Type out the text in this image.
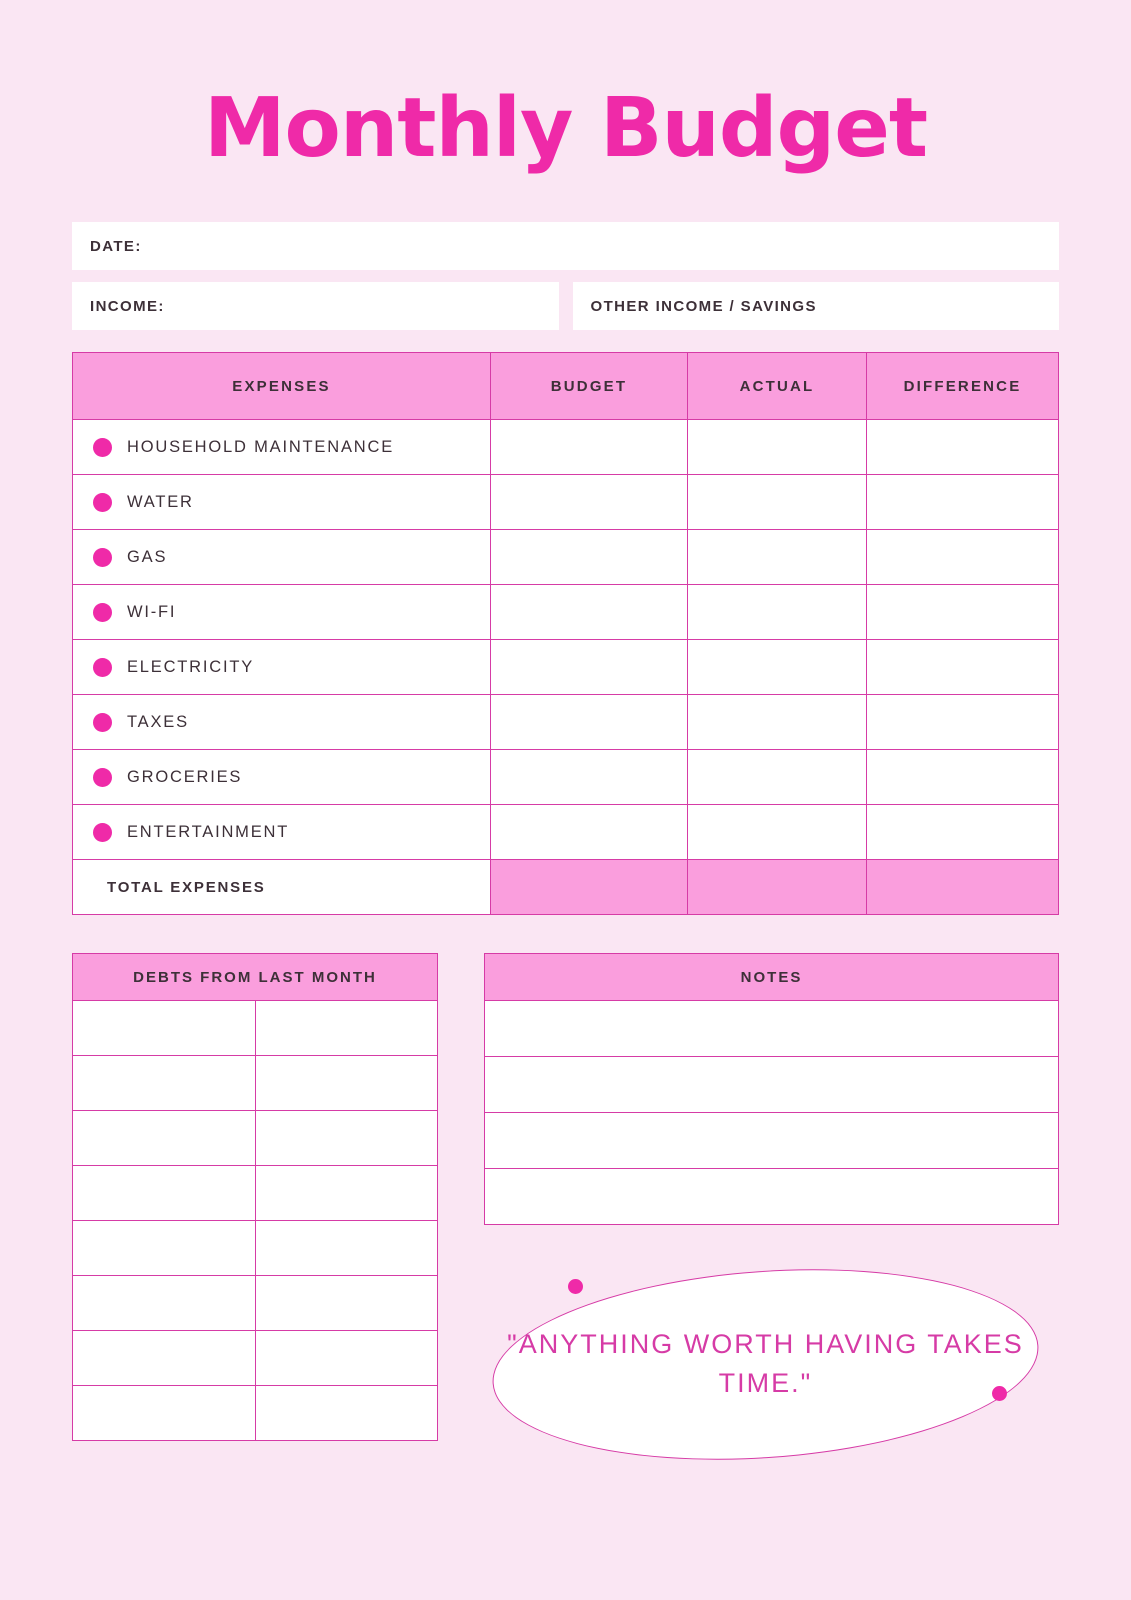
Monthly Budget
DATE:
INCOME:	OTHER INCOME / SAVINGS
EXPENSES	BUDGET	ACTUAL	DIFFERENCE

HOUSEHOLD MAINTENANCE			

WATER			

GAS			

WI-FI			

ELECTRICITY			

TAXES			

GROCERIES			

ENTERTAINMENT			

TOTAL EXPENSES			

DEBTS FROM LAST MONTH	

		NOTES

"ANYTHING WORTH HAVING TAKES TIME."
